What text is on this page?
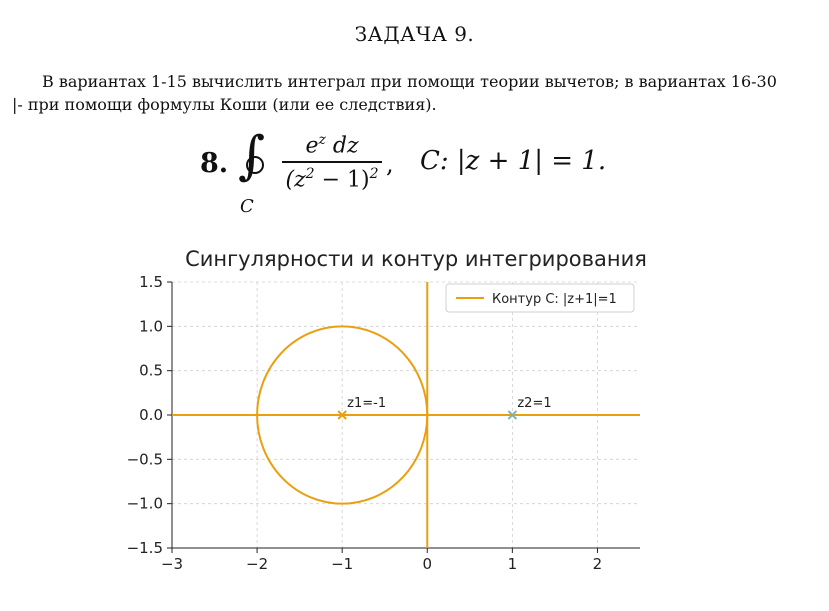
ЗАДАЧА 9.
В вариантах 1-15 вычислить интеграл при помощи теории вычетов; в вариантах 16-30
|- при помощи формулы Коши (или ее следствия).
8. ∫
C
$e^z$ dz
$(z^2 - 1)^2$ , C: |z + 1| = 1.
Сингулярности и контур интегрирования
−3	−2	−1	0	1	2
1.5
1.0
0.5
0.0
−0.5
−1.0
−1.5
z1=-1	z2=1
Контур C: |z+1|=1
